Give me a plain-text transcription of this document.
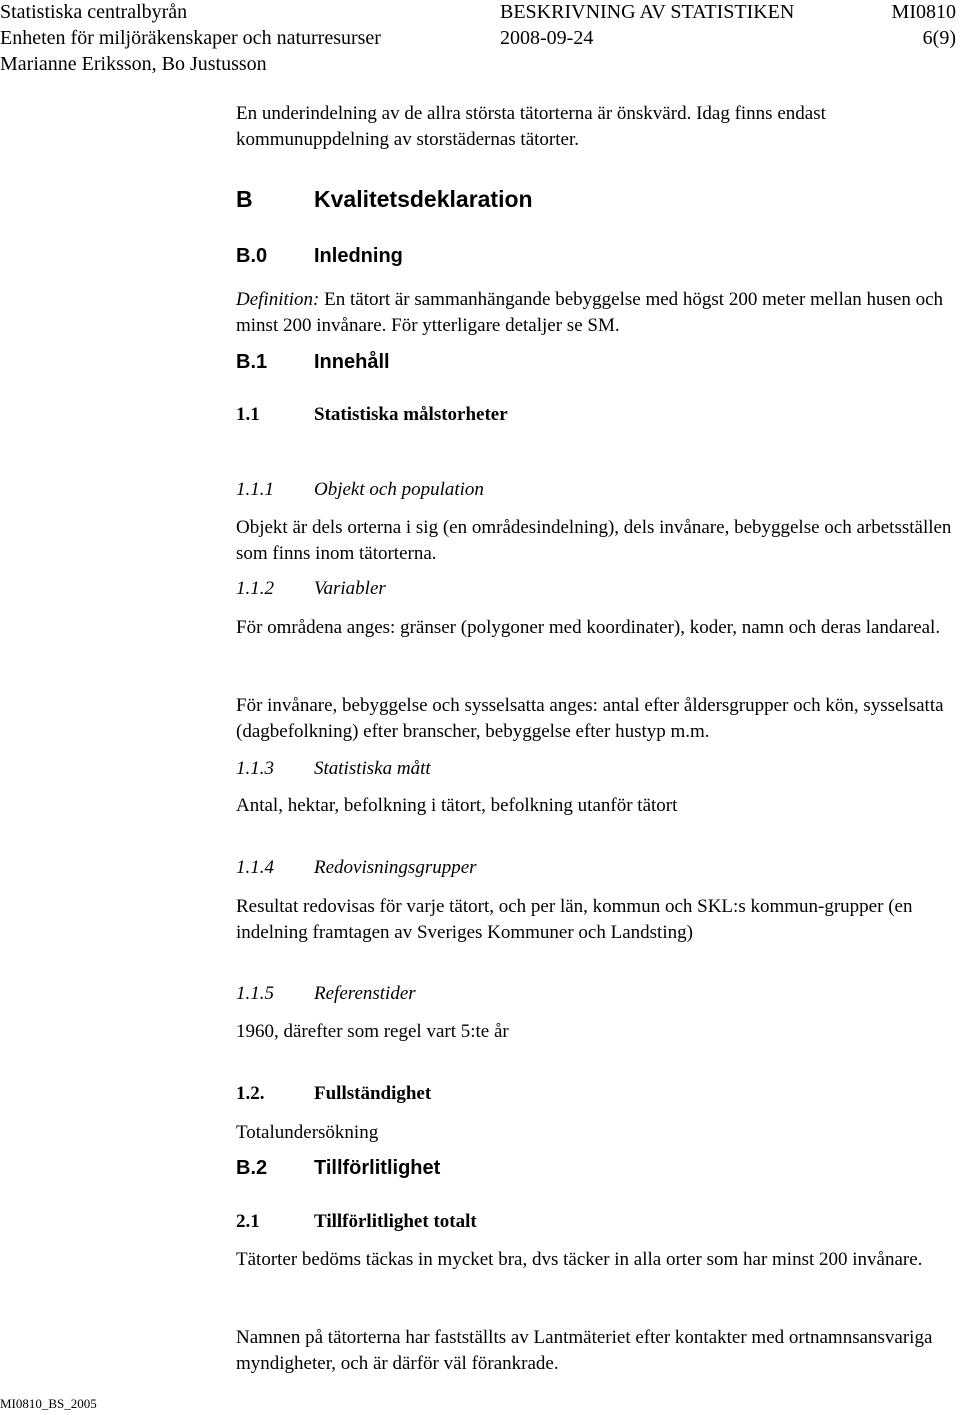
Statistiska centralbyrån
Enheten för miljöräkenskaper och naturresurser
Marianne Eriksson, Bo Justusson
BESKRIVNING AV STATISTIKEN
2008-09-24
MI0810
6(9)
En underindelning av de allra största tätorterna är önskvärd. Idag finns endast kommunuppdelning av storstädernas tätorter.
B	Kvalitetsdeklaration
B.0 Inledning
Definition: En tätort är sammanhängande bebyggelse med högst 200 meter mellan husen och minst 200 invånare. För ytterligare detaljer se SM.
B.1 Innehåll
1.1	Statistiska målstorheter
1.1.1 Objekt och population
Objekt är dels orterna i sig (en områdesindelning), dels invånare, bebyggelse och arbetsställen som finns inom tätorterna.
1.1.2 Variabler
För områdena anges: gränser (polygoner med koordinater), koder, namn och deras landareal.
För invånare, bebyggelse och sysselsatta anges: antal efter åldersgrupper och kön, sysselsatta (dagbefolkning) efter branscher, bebyggelse efter hustyp m.m.
1.1.3 Statistiska mått
Antal, hektar, befolkning i tätort, befolkning utanför tätort
1.1.4 Redovisningsgrupper
Resultat redovisas för varje tätort, och per län, kommun och SKL:s kommun-grupper (en indelning framtagen av Sveriges Kommuner och Landsting)
1.1.5 Referenstider
1960, därefter som regel vart 5:te år
1.2.	Fullständighet
Totalundersökning
B.2 Tillförlitlighet
2.1	Tillförlitlighet totalt
Tätorter bedöms täckas in mycket bra, dvs täcker in alla orter som har minst 200 invånare.
Namnen på tätorterna har fastställts av Lantmäteriet efter kontakter med ortnamnsansvariga myndigheter, och är därför väl förankrade.
MI0810_BS_2005
